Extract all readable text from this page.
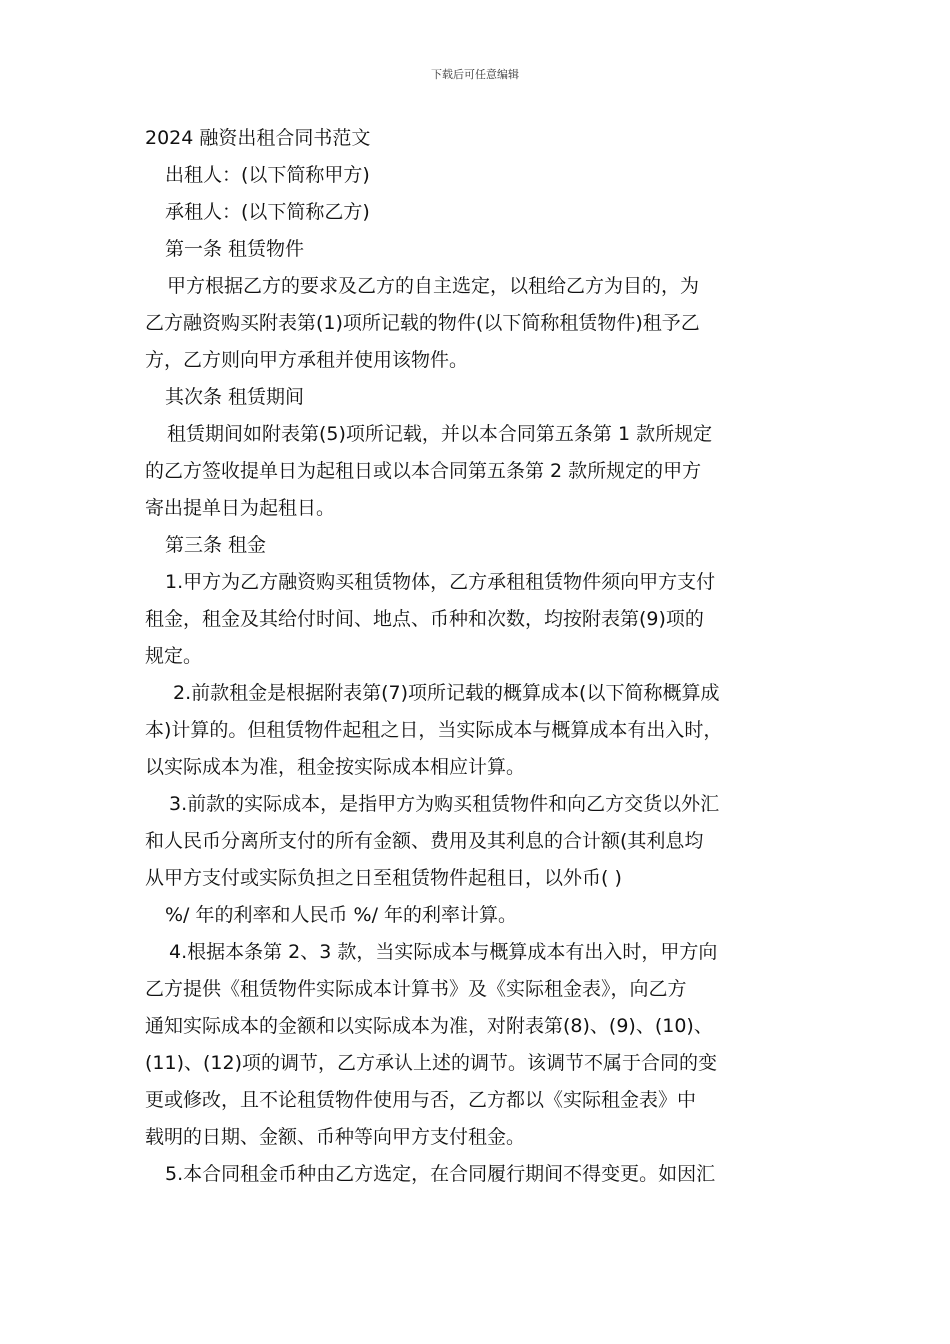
下载后可任意编辑

2024 融资出租合同书范文

出租人：(以下简称甲方)

承租人：(以下简称乙方)

第一条 租赁物件

甲方根据乙方的要求及乙方的自主选定，以租给乙方为目的，为

乙方融资购买附表第(1)项所记载的物件(以下简称租赁物件)租予乙

方，乙方则向甲方承租并使用该物件。

其次条 租赁期间

租赁期间如附表第(5)项所记载，并以本合同第五条第 1 款所规定

的乙方签收提单日为起租日或以本合同第五条第 2 款所规定的甲方

寄出提单日为起租日。

第三条 租金

1.甲方为乙方融资购买租赁物体，乙方承租租赁物件须向甲方支付

租金，租金及其给付时间、地点、币种和次数，均按附表第(9)项的

规定。

2.前款租金是根据附表第(7)项所记载的概算成本(以下简称概算成

本)计算的。但租赁物件起租之日，当实际成本与概算成本有出入时，

以实际成本为准，租金按实际成本相应计算。

3.前款的实际成本，是指甲方为购买租赁物件和向乙方交货以外汇

和人民币分离所支付的所有金额、费用及其利息的合计额(其利息均

从甲方支付或实际负担之日至租赁物件起租日，以外币( )

%/ 年的利率和人民币 %/ 年的利率计算。

4.根据本条第 2、3 款，当实际成本与概算成本有出入时，甲方向

乙方提供《租赁物件实际成本计算书》及《实际租金表》，向乙方

通知实际成本的金额和以实际成本为准，对附表第(8)、(9)、(10)、

(11)、(12)项的调节，乙方承认上述的调节。该调节不属于合同的变

更或修改，且不论租赁物件使用与否，乙方都以《实际租金表》中

载明的日期、金额、币种等向甲方支付租金。

5.本合同租金币种由乙方选定，在合同履行期间不得变更。如因汇
